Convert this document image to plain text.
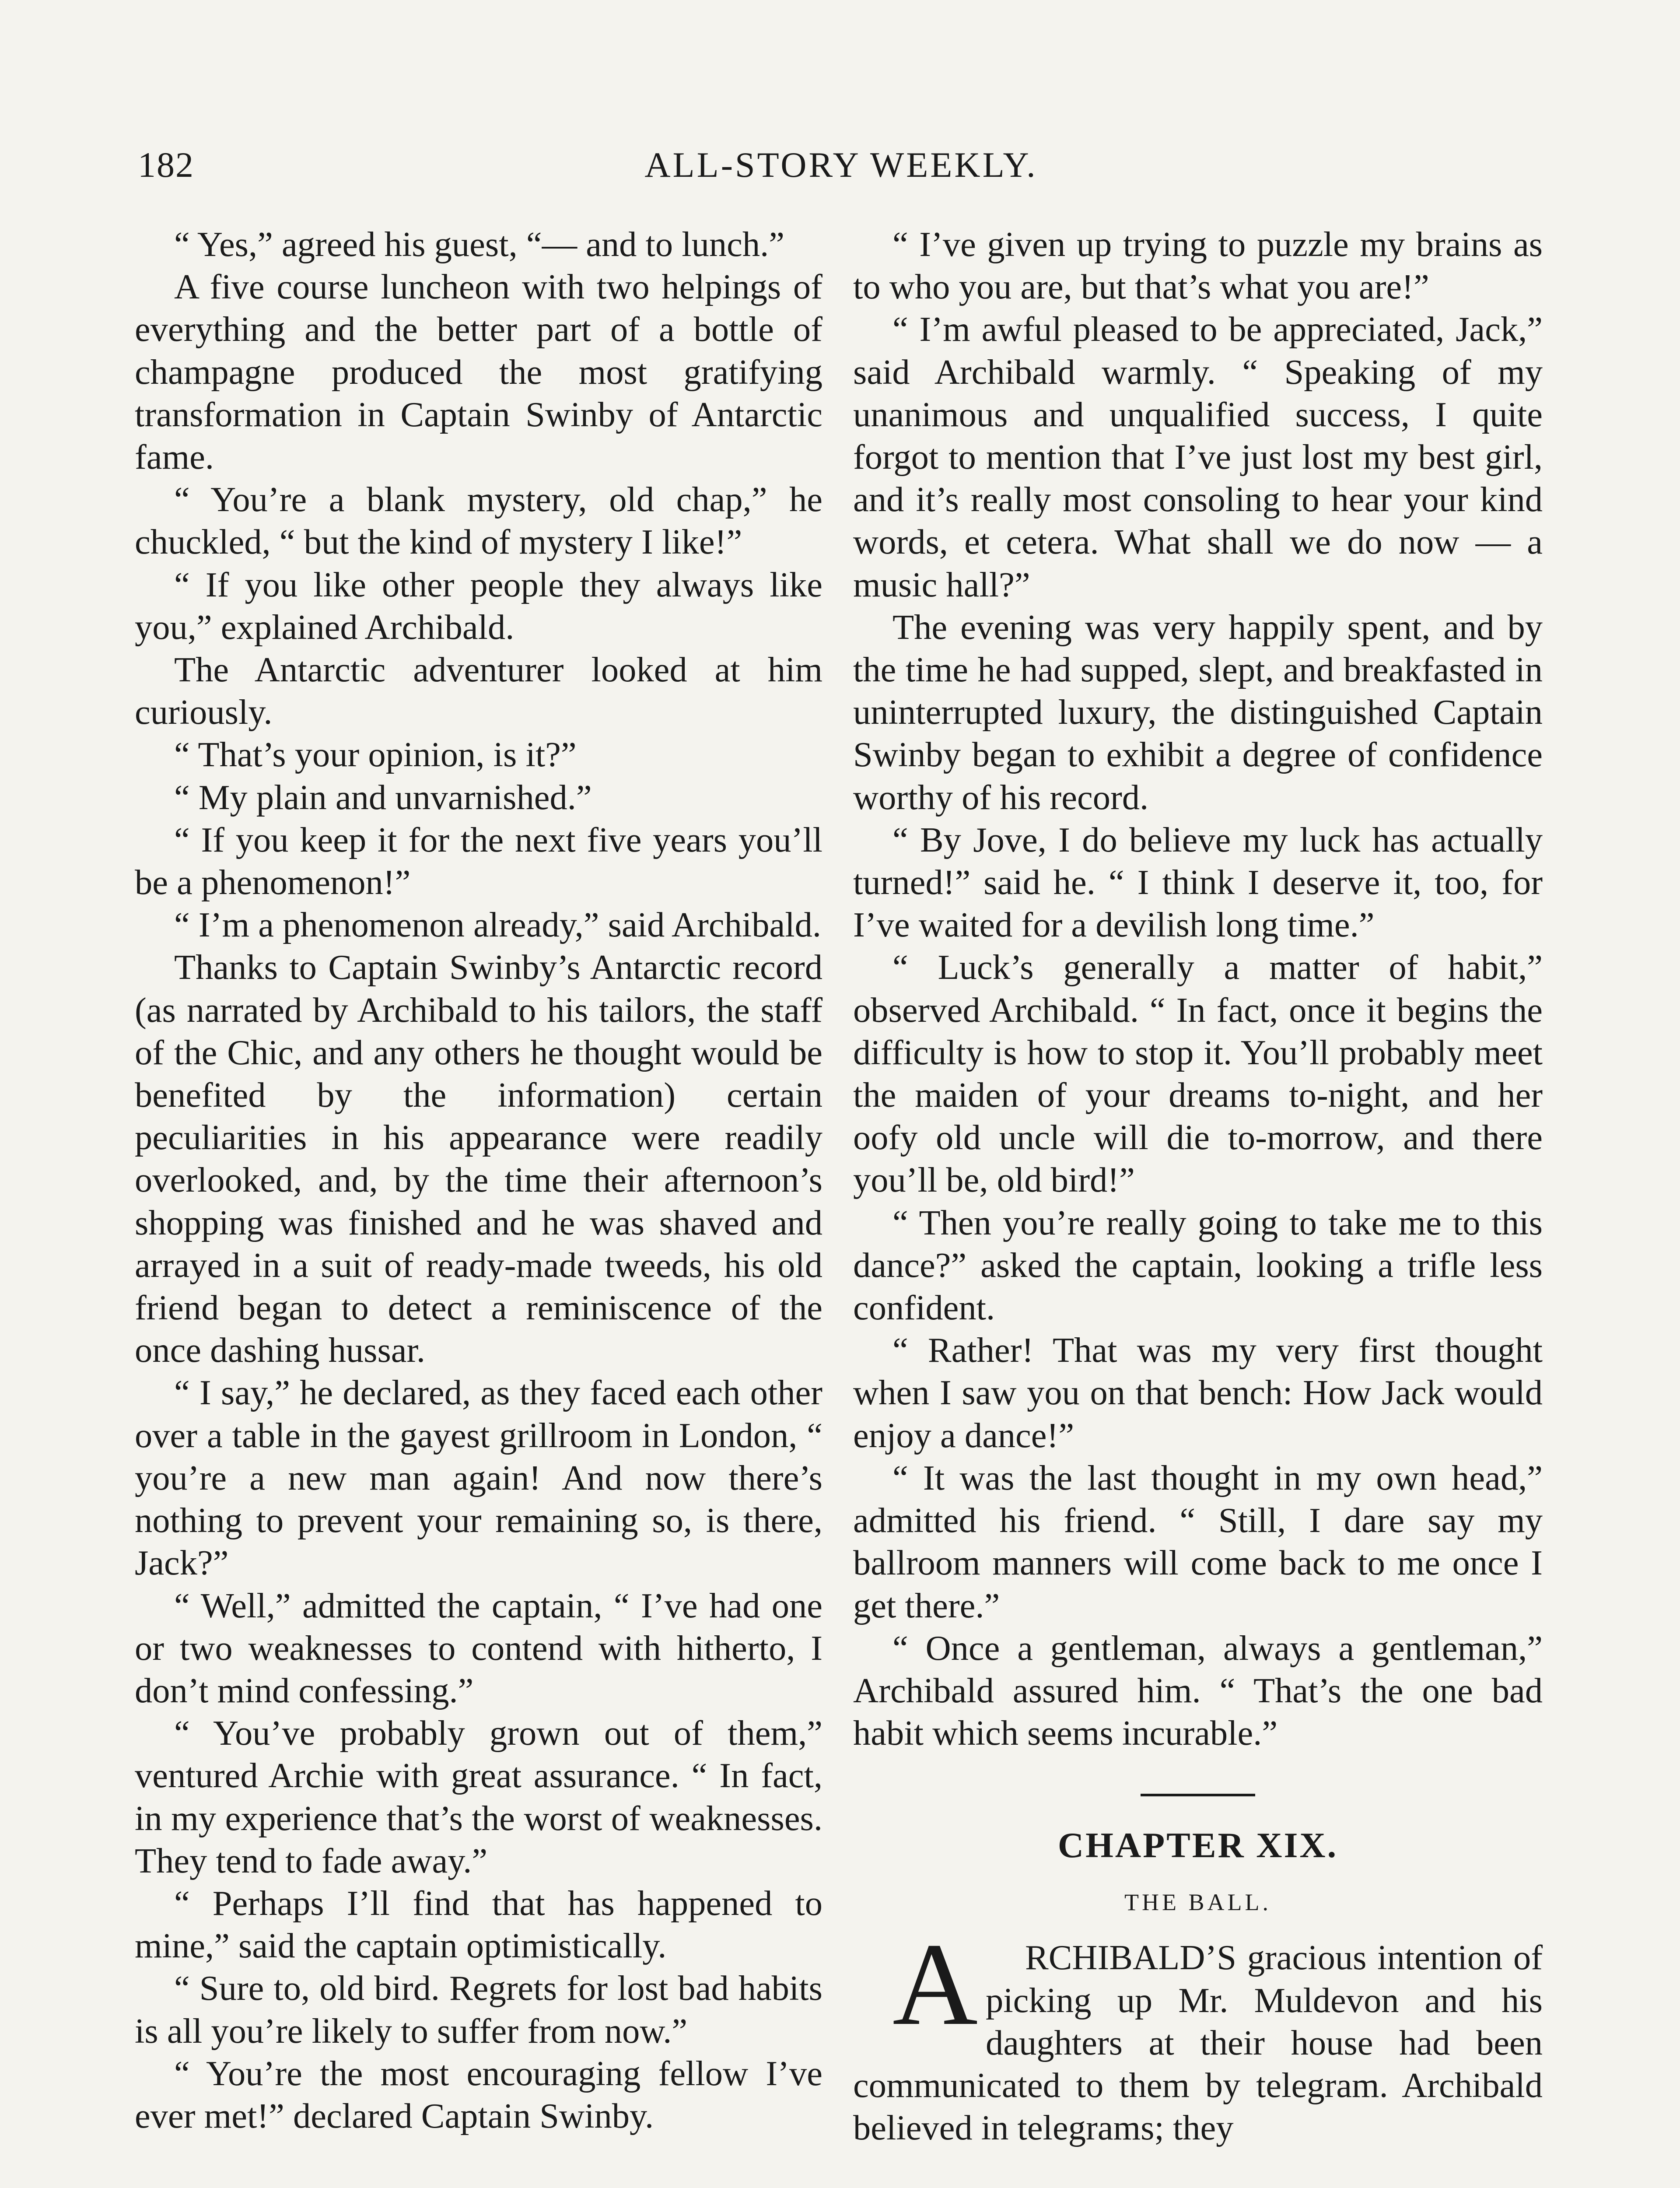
182	ALL-STORY WEEKLY.

“ Yes,” agreed his guest, “— and to lunch.”

A five course luncheon with two helpings of everything and the better part of a bottle of champagne produced the most gratifying transformation in Captain Swinby of Antarctic fame.

“ You’re a blank mystery, old chap,” he chuckled, “ but the kind of mystery I like!”

“ If you like other people they always like you,” explained Archibald.

The Antarctic adventurer looked at him curiously.

“ That’s your opinion, is it?”

“ My plain and unvarnished.”

“ If you keep it for the next five years you’ll be a phenomenon!”

“ I’m a phenomenon already,” said Archibald.

Thanks to Captain Swinby’s Antarctic record (as narrated by Archibald to his tailors, the staff of the Chic, and any others he thought would be benefited by the information) certain peculiarities in his appearance were readily overlooked, and, by the time their afternoon’s shopping was finished and he was shaved and arrayed in a suit of ready-made tweeds, his old friend began to detect a reminiscence of the once dashing hussar.

“ I say,” he declared, as they faced each other over a table in the gayest grillroom in London, “ you’re a new man again! And now there’s nothing to prevent your remaining so, is there, Jack?”

“ Well,” admitted the captain, “ I’ve had one or two weaknesses to contend with hitherto, I don’t mind confessing.”

“ You’ve probably grown out of them,” ventured Archie with great assurance. “ In fact, in my experience that’s the worst of weaknesses. They tend to fade away.”

“ Perhaps I’ll find that has happened to mine,” said the captain optimistically.

“ Sure to, old bird. Regrets for lost bad habits is all you’re likely to suffer from now.”

“ You’re the most encouraging fellow I’ve ever met!” declared Captain Swinby.

“ I’ve given up trying to puzzle my brains as to who you are, but that’s what you are!”

“ I’m awful pleased to be appreciated, Jack,” said Archibald warmly. “ Speaking of my unanimous and unqualified success, I quite forgot to mention that I’ve just lost my best girl, and it’s really most consoling to hear your kind words, et cetera. What shall we do now — a music hall?”

The evening was very happily spent, and by the time he had supped, slept, and breakfasted in uninterrupted luxury, the distinguished Captain Swinby began to exhibit a degree of confidence worthy of his record.

“ By Jove, I do believe my luck has actually turned!” said he. “ I think I deserve it, too, for I’ve waited for a devilish long time.”

“ Luck’s generally a matter of habit,” observed Archibald. “ In fact, once it begins the difficulty is how to stop it. You’ll probably meet the maiden of your dreams to-night, and her oofy old uncle will die to-morrow, and there you’ll be, old bird!”

“ Then you’re really going to take me to this dance?” asked the captain, looking a trifle less confident.

“ Rather! That was my very first thought when I saw you on that bench: How Jack would enjoy a dance!”

“ It was the last thought in my own head,” admitted his friend. “ Still, I dare say my ballroom manners will come back to me once I get there.”

“ Once a gentleman, always a gentleman,” Archibald assured him. “ That’s the one bad habit which seems incurable.”

CHAPTER XIX.
THE BALL.

A RCHIBALD’S gracious intention of picking up Mr. Muldevon and his daughters at their house had been communicated to them by telegram. Archibald believed in telegrams; they
